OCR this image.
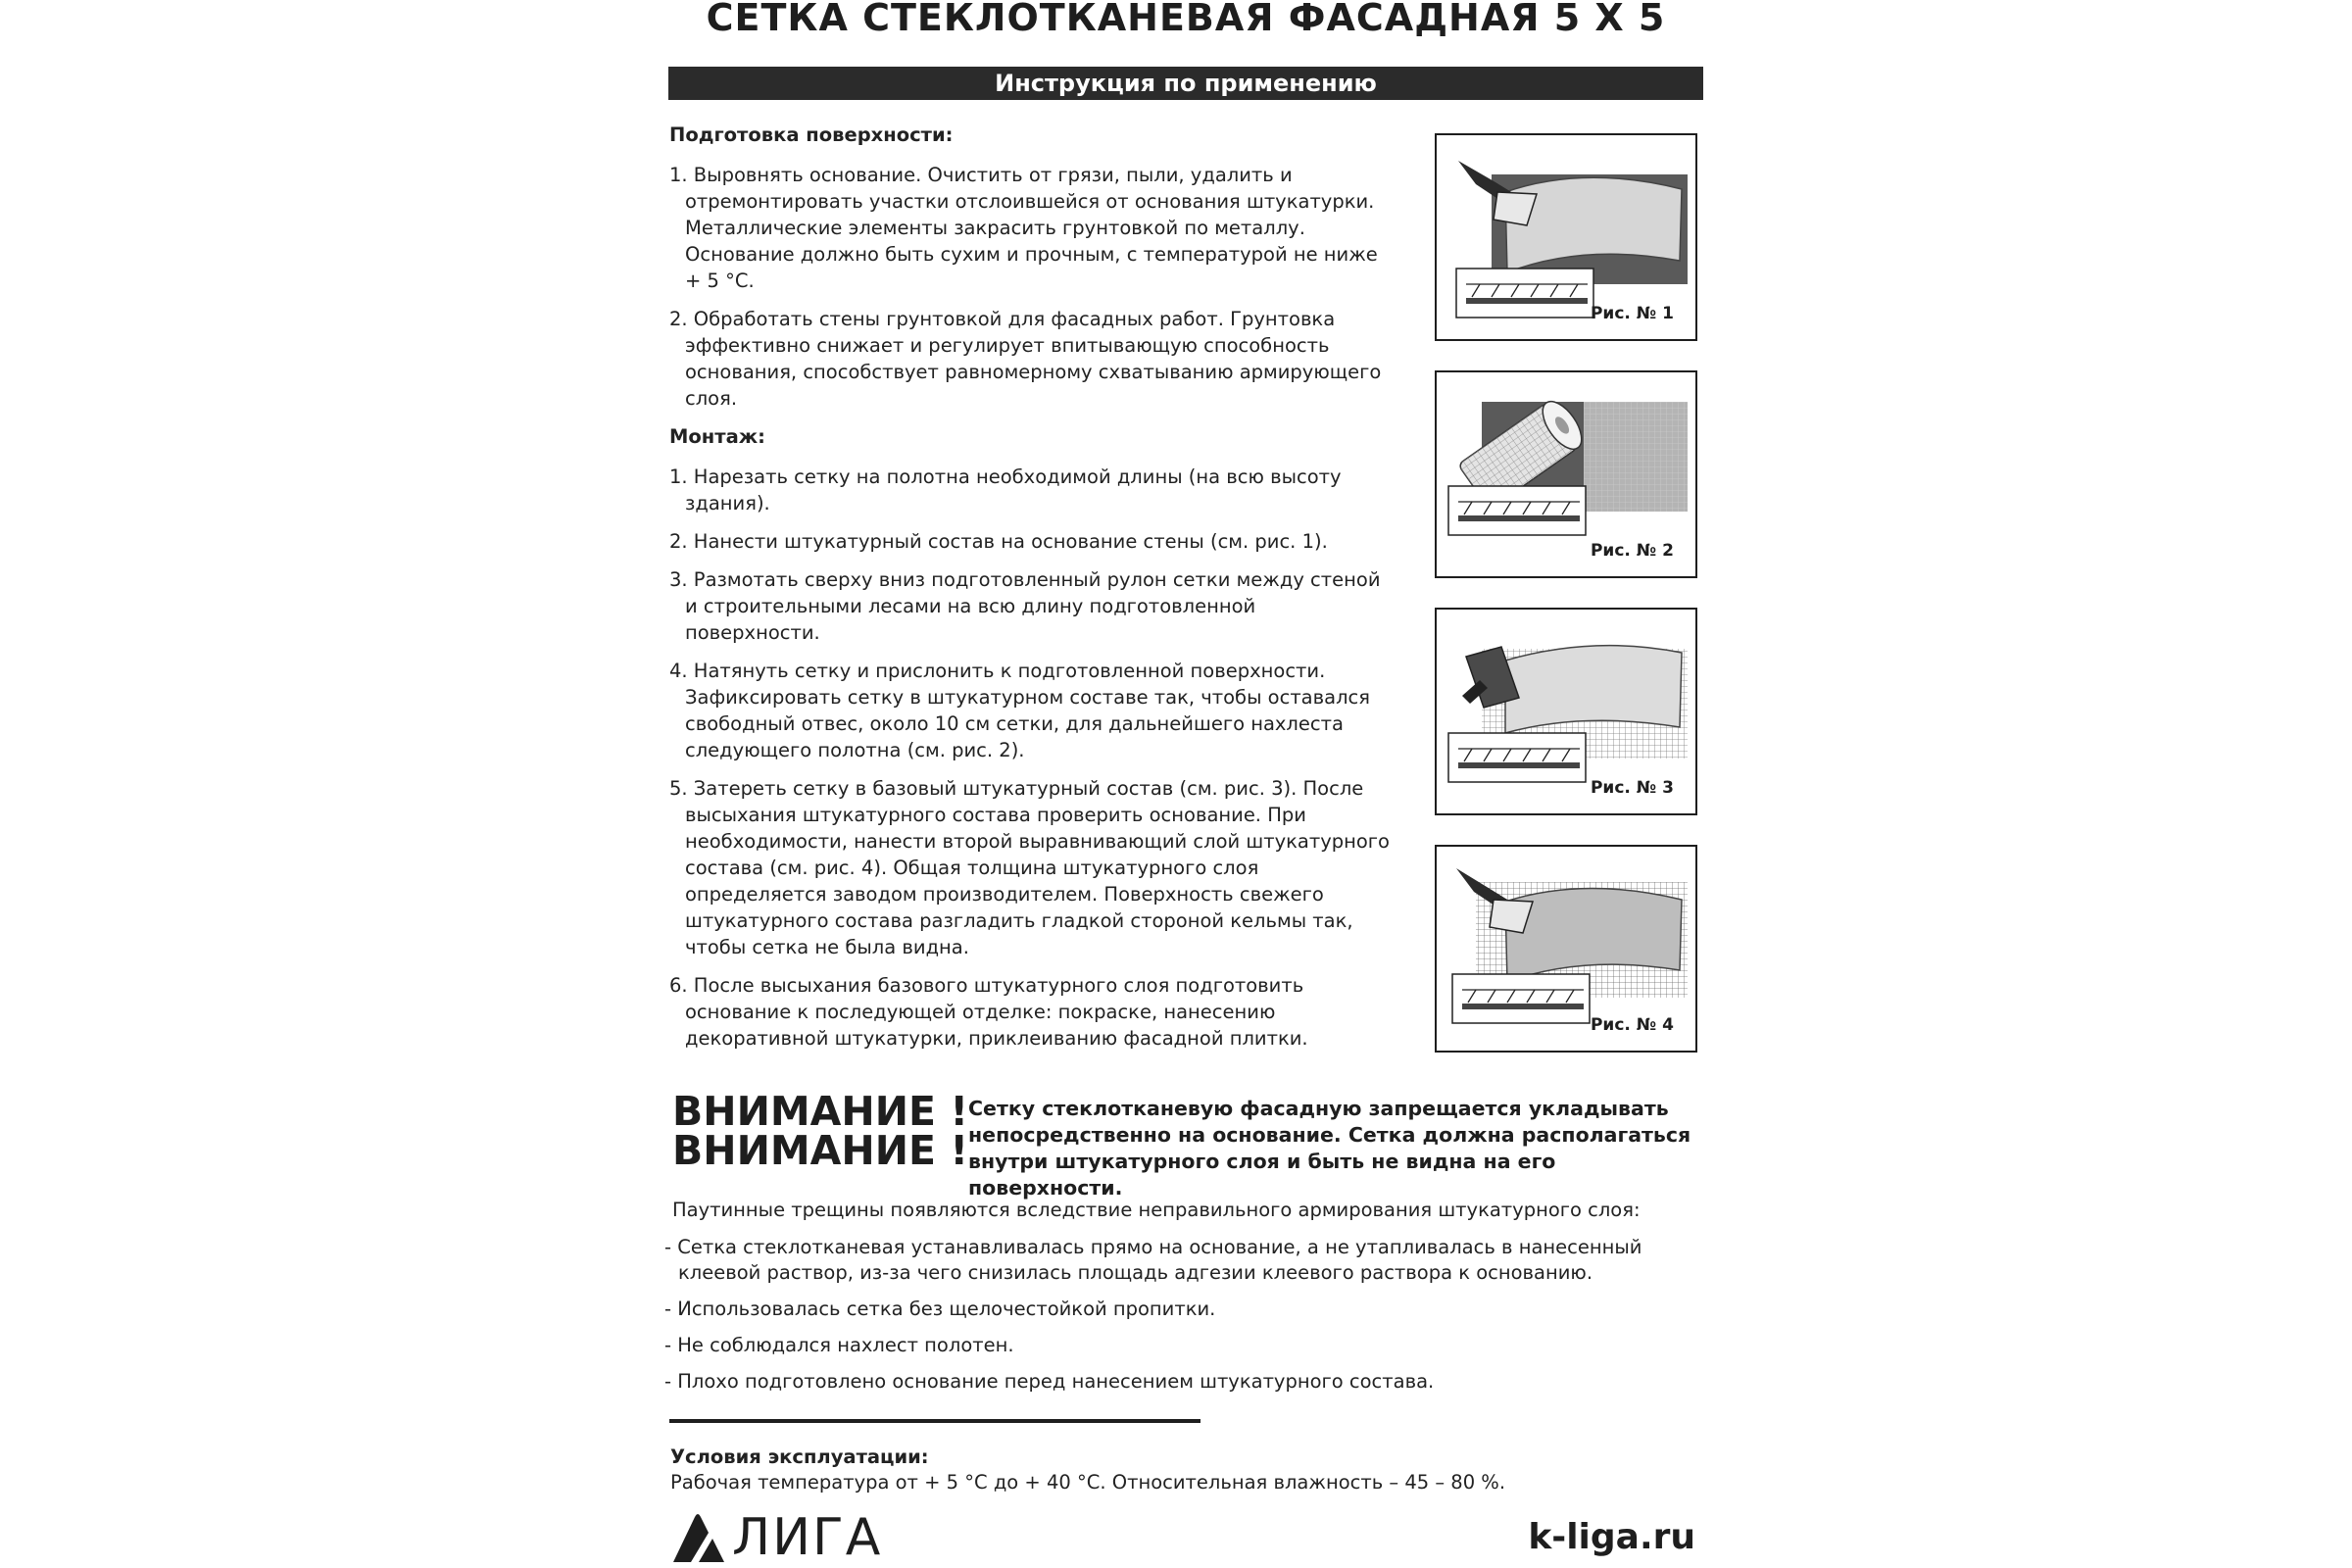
СЕТКА СТЕКЛОТКАНЕВАЯ ФАСАДНАЯ 5 Х 5
Инструкция по применению
Подготовка поверхности:
1. Выровнять основание. Очистить от грязи, пыли, удалить и отремонтировать участки отслоившейся от основания штукатурки. Металлические элементы закрасить грунтовкой по металлу. Основание должно быть сухим и прочным, с температурой не ниже + 5 °С.
2. Обработать стены грунтовкой для фасадных работ. Грунтовка эффективно снижает и регулирует впитывающую способность основания, способствует равномерному схватыванию армирующего слоя.
Монтаж:
1. Нарезать сетку на полотна необходимой длины (на всю высоту здания).
2. Нанести штукатурный состав на основание стены (см. рис. 1).
3. Размотать сверху вниз подготовленный рулон сетки между стеной и строительными лесами на всю длину подготовленной поверхности.
4. Натянуть сетку и прислонить к подготовленной поверхности. Зафиксировать сетку в штукатурном составе так, чтобы оставался свободный отвес, около 10 см сетки, для дальнейшего нахлеста следующего полотна (см. рис. 2).
5. Затереть сетку в базовый штукатурный состав (см. рис. 3). После высыхания штукатурного состава проверить основание. При необходимости, нанести второй выравнивающий слой штукатурного состава (см. рис. 4). Общая толщина штукатурного слоя определяется заводом производителем. Поверхность свежего штукатурного состава разгладить гладкой стороной кельмы так, чтобы сетка не была видна.
6. После высыхания базового штукатурного слоя подготовить основание к последующей отделке: покраске, нанесению декоративной штукатурки, приклеиванию фасадной плитки.
Рис. № 1
Рис. № 2
Рис. № 3
Рис. № 4
ВНИМАНИЕ !
ВНИМАНИЕ !
Сетку стеклотканевую фасадную запрещается укладывать непосредственно на основание. Сетка должна располагаться внутри штукатурного слоя и быть не видна на его поверхности.
Паутинные трещины появляются вследствие неправильного армирования штукатурного слоя:
- Сетка стеклотканевая устанавливалась прямо на основание, а не утапливалась в нанесенный клеевой раствор, из-за чего снизилась площадь адгезии клеевого раствора к основанию.
- Использовалась сетка без щелочестойкой пропитки.
- Не соблюдался нахлест полотен.
- Плохо подготовлено основание перед нанесением штукатурного состава.
Условия эксплуатации:
Рабочая температура от + 5 °С до + 40 °С. Относительная влажность – 45 – 80 %.
ЛИГА	k-liga.ru
